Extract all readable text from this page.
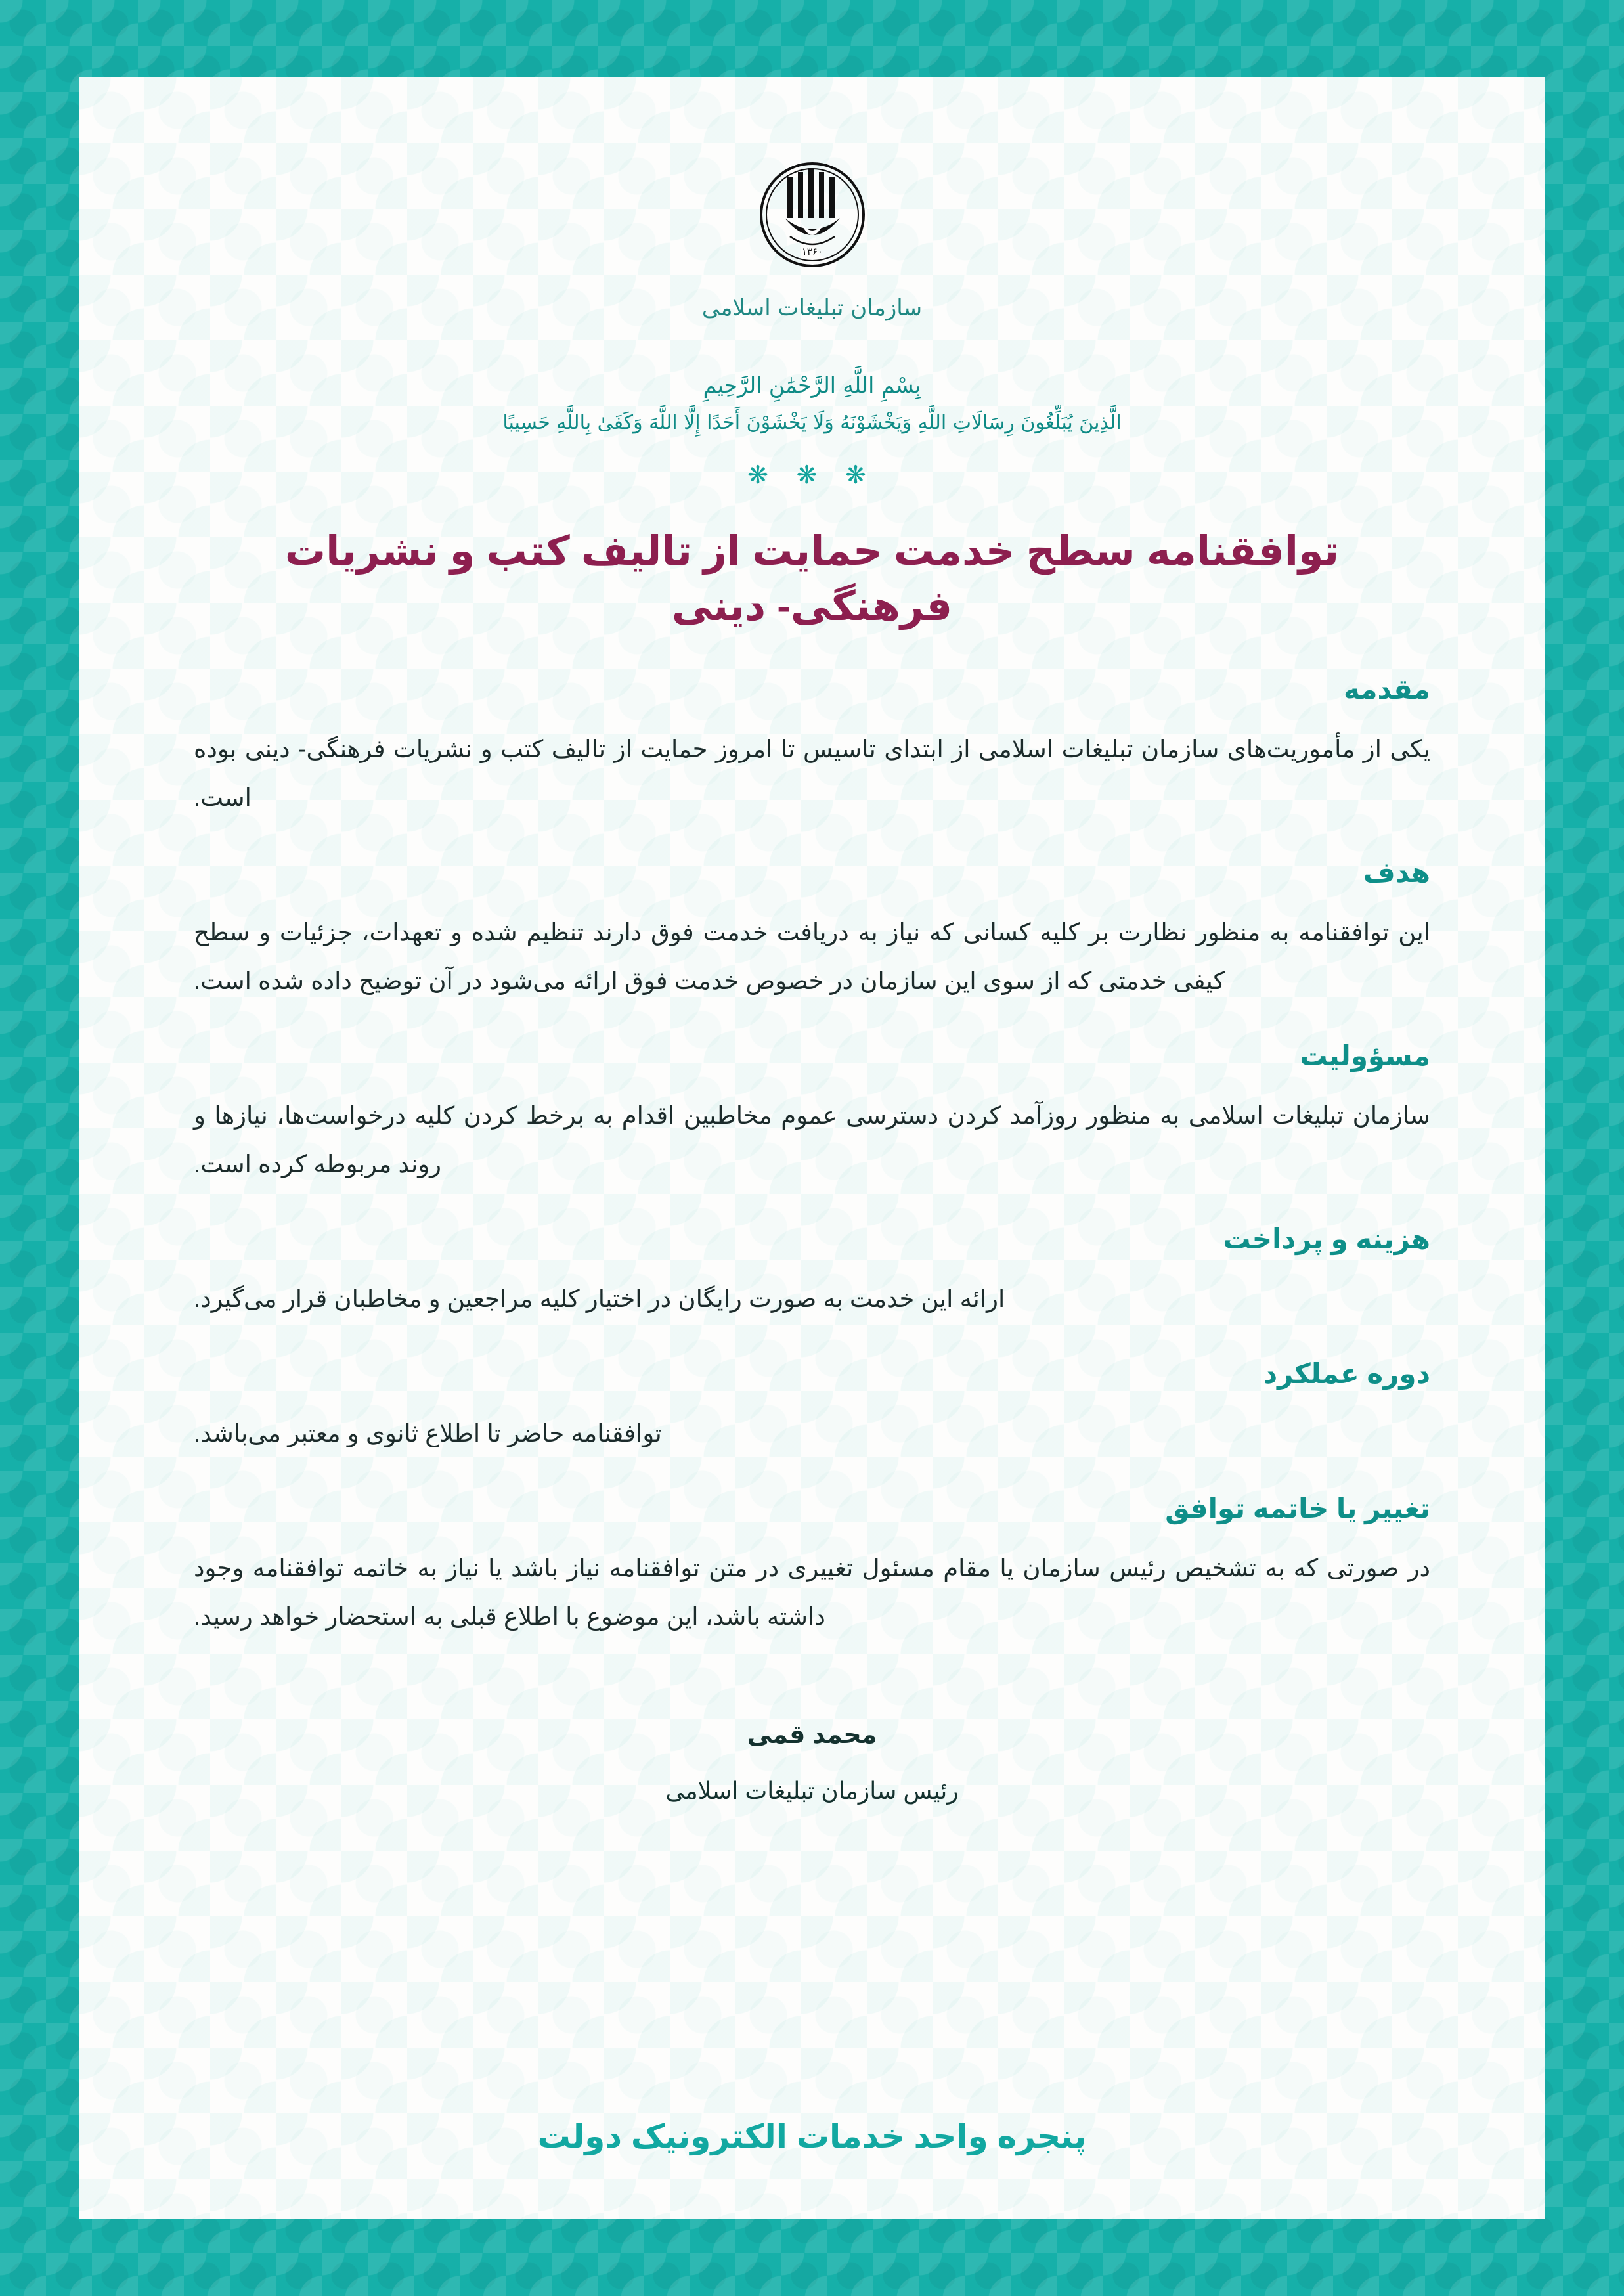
۱۳۶۰
سازمان تبلیغات اسلامی
بِسْمِ اللَّهِ الرَّحْمَٰنِ الرَّحِيمِ
الَّذِينَ يُبَلِّغُونَ رِسَالَاتِ اللَّهِ وَيَخْشَوْنَهُ وَلَا يَخْشَوْنَ أَحَدًا إِلَّا اللَّهَ وَكَفَىٰ بِاللَّهِ حَسِيبًا
❋ ❋ ❋
توافقنامه سطح خدمت حمایت از تالیف کتب و نشریات فرهنگی- دینی
مقدمه

یکی از مأموریت‌های سازمان تبلیغات اسلامی از ابتدای تاسیس تا امروز حمایت از تالیف کتب و نشریات فرهنگی- دینی بوده است.

هدف

این توافقنامه به منظور نظارت بر کلیه کسانی که نیاز به دریافت خدمت فوق دارند تنظیم شده و تعهدات، جزئیات و سطح کیفی خدمتی که از سوی این سازمان در خصوص خدمت فوق ارائه می‌شود در آن توضیح داده شده است.

مسؤولیت

سازمان تبلیغات اسلامی به منظور روزآمد کردن دسترسی عموم مخاطبین اقدام به برخط کردن کلیه درخواست‌ها، نیازها و روند مربوطه کرده است.

هزینه و پرداخت

ارائه این خدمت به صورت رایگان در اختیار کلیه مراجعین و مخاطبان قرار می‌گیرد.

دوره عملکرد

توافقنامه حاضر تا اطلاع ثانوی و معتبر می‌باشد.

تغییر یا خاتمه توافق

در صورتی که به تشخیص رئیس سازمان یا مقام مسئول تغییری در متن توافقنامه نیاز باشد یا نیاز به خاتمه توافقنامه وجود داشته باشد، این موضوع با اطلاع قبلی به استحضار خواهد رسید.

محمد قمی
رئیس سازمان تبلیغات اسلامی
پنجره واحد خدمات الکترونیک دولت
